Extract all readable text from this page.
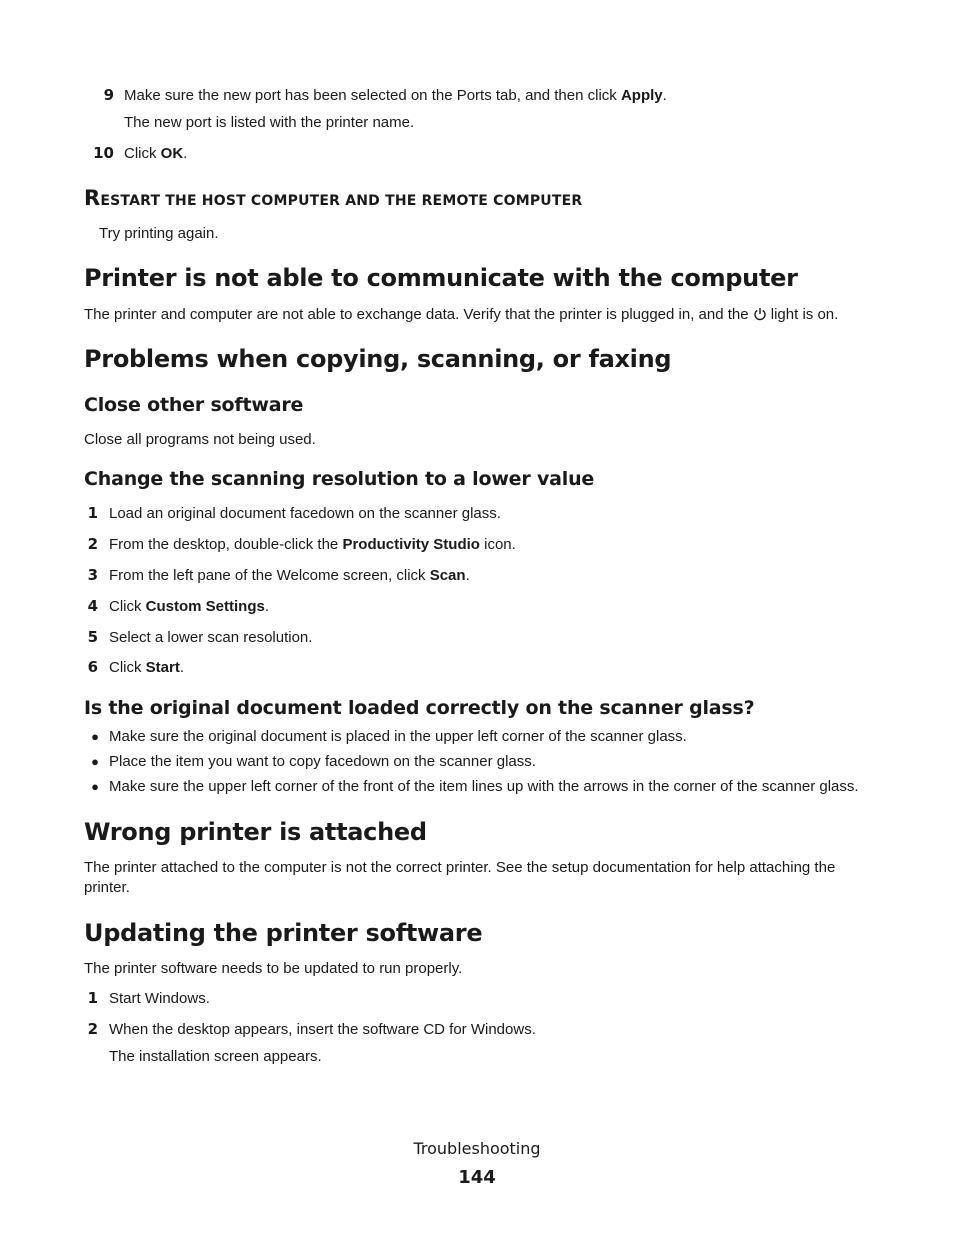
9 Make sure the new port has been selected on the Ports tab, and then click Apply.
The new port is listed with the printer name.
10 Click OK.
RESTART THE HOST COMPUTER AND THE REMOTE COMPUTER
Try printing again.
Printer is not able to communicate with the computer
The printer and computer are not able to exchange data. Verify that the printer is plugged in, and the light is on.
Problems when copying, scanning, or faxing
Close other software
Close all programs not being used.
Change the scanning resolution to a lower value
1 Load an original document facedown on the scanner glass.
2 From the desktop, double-click the Productivity Studio icon.
3 From the left pane of the Welcome screen, click Scan.
4 Click Custom Settings.
5 Select a lower scan resolution.
6 Click Start.
Is the original document loaded correctly on the scanner glass?
● Make sure the original document is placed in the upper left corner of the scanner glass.
● Place the item you want to copy facedown on the scanner glass.
● Make sure the upper left corner of the front of the item lines up with the arrows in the corner of the scanner glass.
Wrong printer is attached
The printer attached to the computer is not the correct printer. See the setup documentation for help attaching the
printer.
Updating the printer software
The printer software needs to be updated to run properly.
1 Start Windows.
2 When the desktop appears, insert the software CD for Windows.
The installation screen appears.
Troubleshooting
144
